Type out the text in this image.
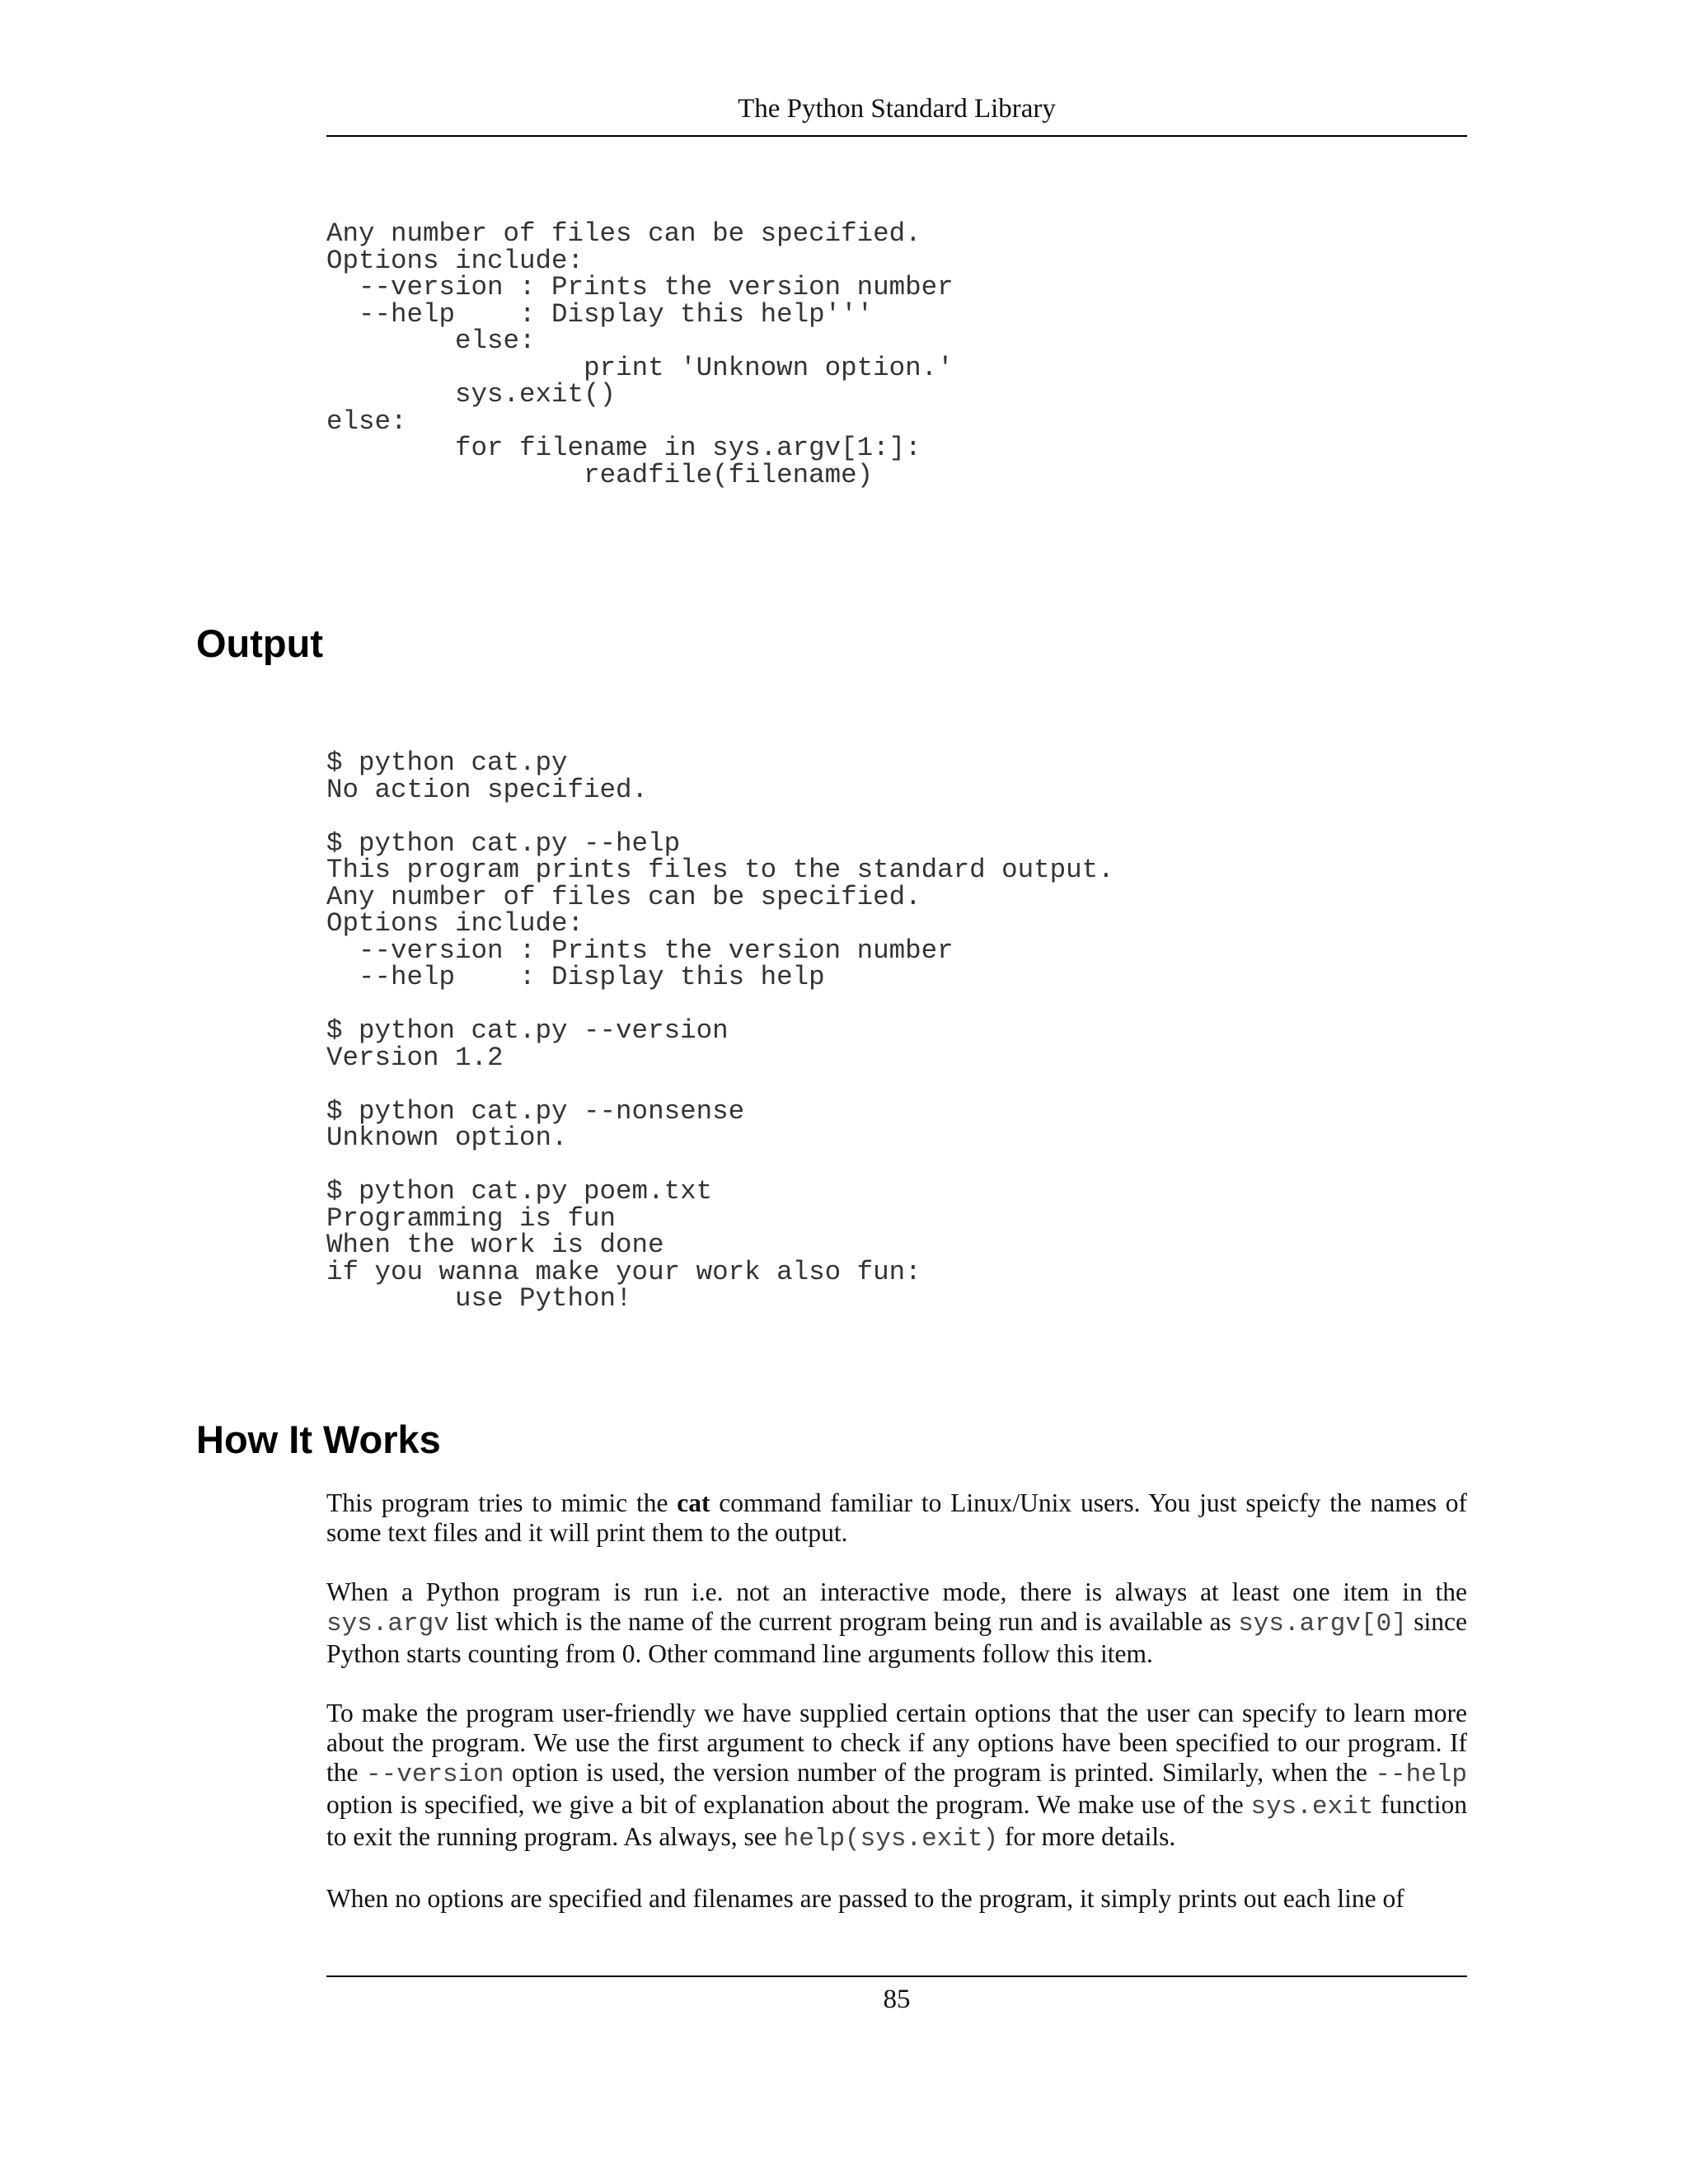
The Python Standard Library
Any number of files can be specified.
Options include:
--version : Prints the version number
--help    : Display this help'''
	else:
		print 'Unknown option.'
	sys.exit()
else:
	for filename in sys.argv[1:]:
		readfile(filename)
Output
$ python cat.py
No action specified.

$ python cat.py --help
This program prints files to the standard output.
Any number of files can be specified.
Options include:
--version : Prints the version number
--help    : Display this help

$ python cat.py --version
Version 1.2

$ python cat.py --nonsense
Unknown option.

$ python cat.py poem.txt
Programming is fun
When the work is done
if you wanna make your work also fun:
	use Python!
How It Works

This program tries to mimic the cat command familiar to Linux/Unix users. You just speicfy the names of some text files and it will print them to the output.

When a Python program is run i.e. not an interactive mode, there is always at least one item in the sys.argv list which is the name of the current program being run and is available as sys.argv[0] since Python starts counting from 0. Other command line arguments follow this item.

To make the program user-friendly we have supplied certain options that the user can specify to learn more about the program. We use the first argument to check if any options have been specified to our program. If the --version option is used, the version number of the program is printed. Similarly, when the --help option is specified, we give a bit of explanation about the program. We make use of the sys.exit function to exit the running program. As always, see help(sys.exit) for more details.

When no options are specified and filenames are passed to the program, it simply prints out each line of

85
